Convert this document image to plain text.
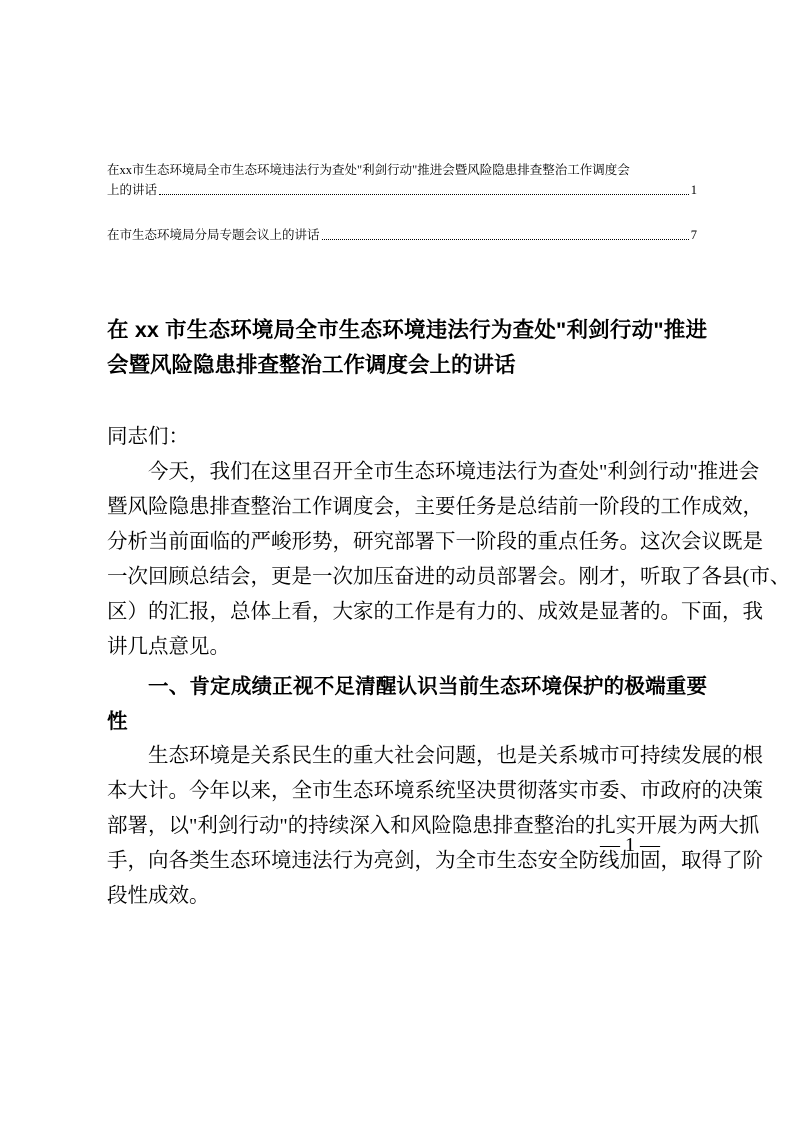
在xx市生态环境局全市生态环境违法行为查处"利剑行动"推进会暨风险隐患排查整治工作调度会
上的讲话	1
在市生态环境局分局专题会议上的讲话	7
在 xx 市生态环境局全市生态环境违法行为查处"利剑行动"推进
会暨风险隐患排查整治工作调度会上的讲话
同志们：
今天，我们在这里召开全市生态环境违法行为查处"利剑行动"推进会
暨风险隐患排查整治工作调度会，主要任务是总结前一阶段的工作成效，
分析当前面临的严峻形势，研究部署下一阶段的重点任务。这次会议既是
一次回顾总结会，更是一次加压奋进的动员部署会。刚才，听取了各县(市、
区）的汇报，总体上看，大家的工作是有力的、成效是显著的。下面，我
讲几点意见。
一、肯定成绩正视不足清醒认识当前生态环境保护的极端重要
性
生态环境是关系民生的重大社会问题，也是关系城市可持续发展的根
本大计。今年以来，全市生态环境系统坚决贯彻落实市委、市政府的决策
部署，以"利剑行动"的持续深入和风险隐患排查整治的扎实开展为两大抓
手，向各类生态环境违法行为亮剑，为全市生态安全防线加固，取得了阶
段性成效。
— 1 —
